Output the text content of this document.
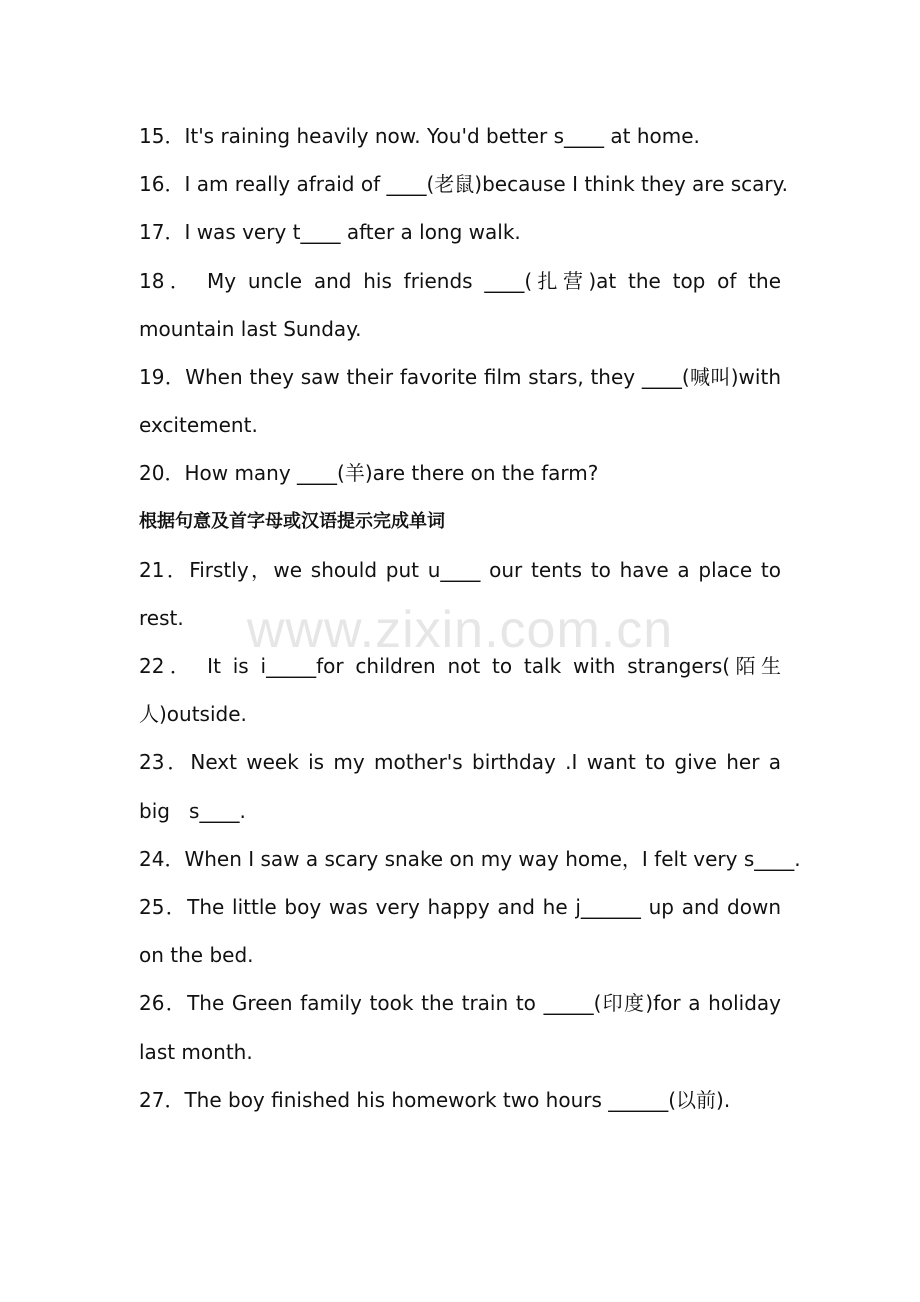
15．It's raining heavily now. You'd better s____ at home.
16．I am really afraid of ____(老鼠)because I think they are scary.
17．I was very t____ after a long walk.
18． My uncle and his friends ____(扎营)at the top of the
mountain last Sunday.
19．When they saw their favorite film stars, they ____(喊叫)with
excitement.
20．How many ____(羊)are there on the farm?
根据句意及首字母或汉语提示完成单词
21．Firstly，we should put u____ our tents to have a place to
rest.
22． It is i_____for children not to talk with strangers(陌生
人)outside.
23．Next week is my mother's birthday .I want to give her a
big   s____.
24．When I saw a scary snake on my way home，I felt very s____.
25．The little boy was very happy and he j______ up and down
on the bed.
26．The Green family took the train to _____(印度)for a holiday
last month.
27．The boy finished his homework two hours ______(以前).
www.zixin.com.cn
